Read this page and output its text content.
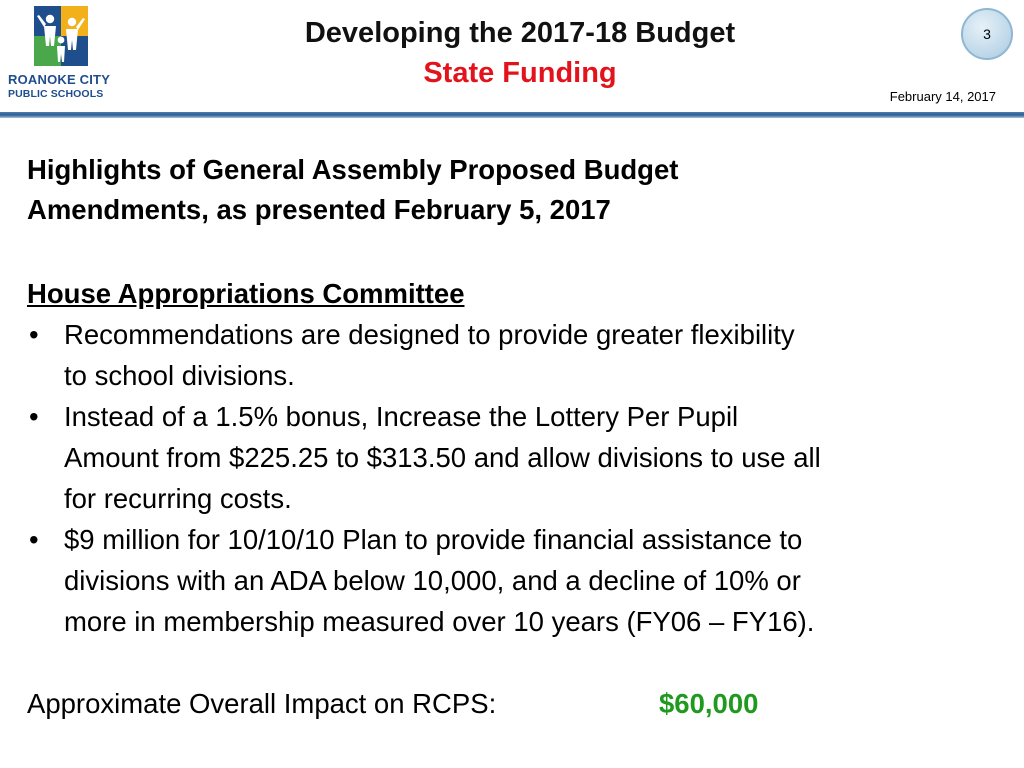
ROANOKE CITY
PUBLIC SCHOOLS
Developing the 2017-18 Budget
State Funding
3
February 14, 2017
Highlights of General Assembly Proposed Budget
Amendments, as presented February 5, 2017
House Appropriations Committee
• Recommendations are designed to provide greater flexibility
to school divisions.
• Instead of a 1.5% bonus, Increase the Lottery Per Pupil
Amount from $225.25 to $313.50 and allow divisions to use all
for recurring costs.
• $9 million for 10/10/10 Plan to provide financial assistance to
divisions with an ADA below 10,000, and a decline of 10% or
more in membership measured over 10 years (FY06 – FY16).
Approximate Overall Impact on RCPS:	$60,000
